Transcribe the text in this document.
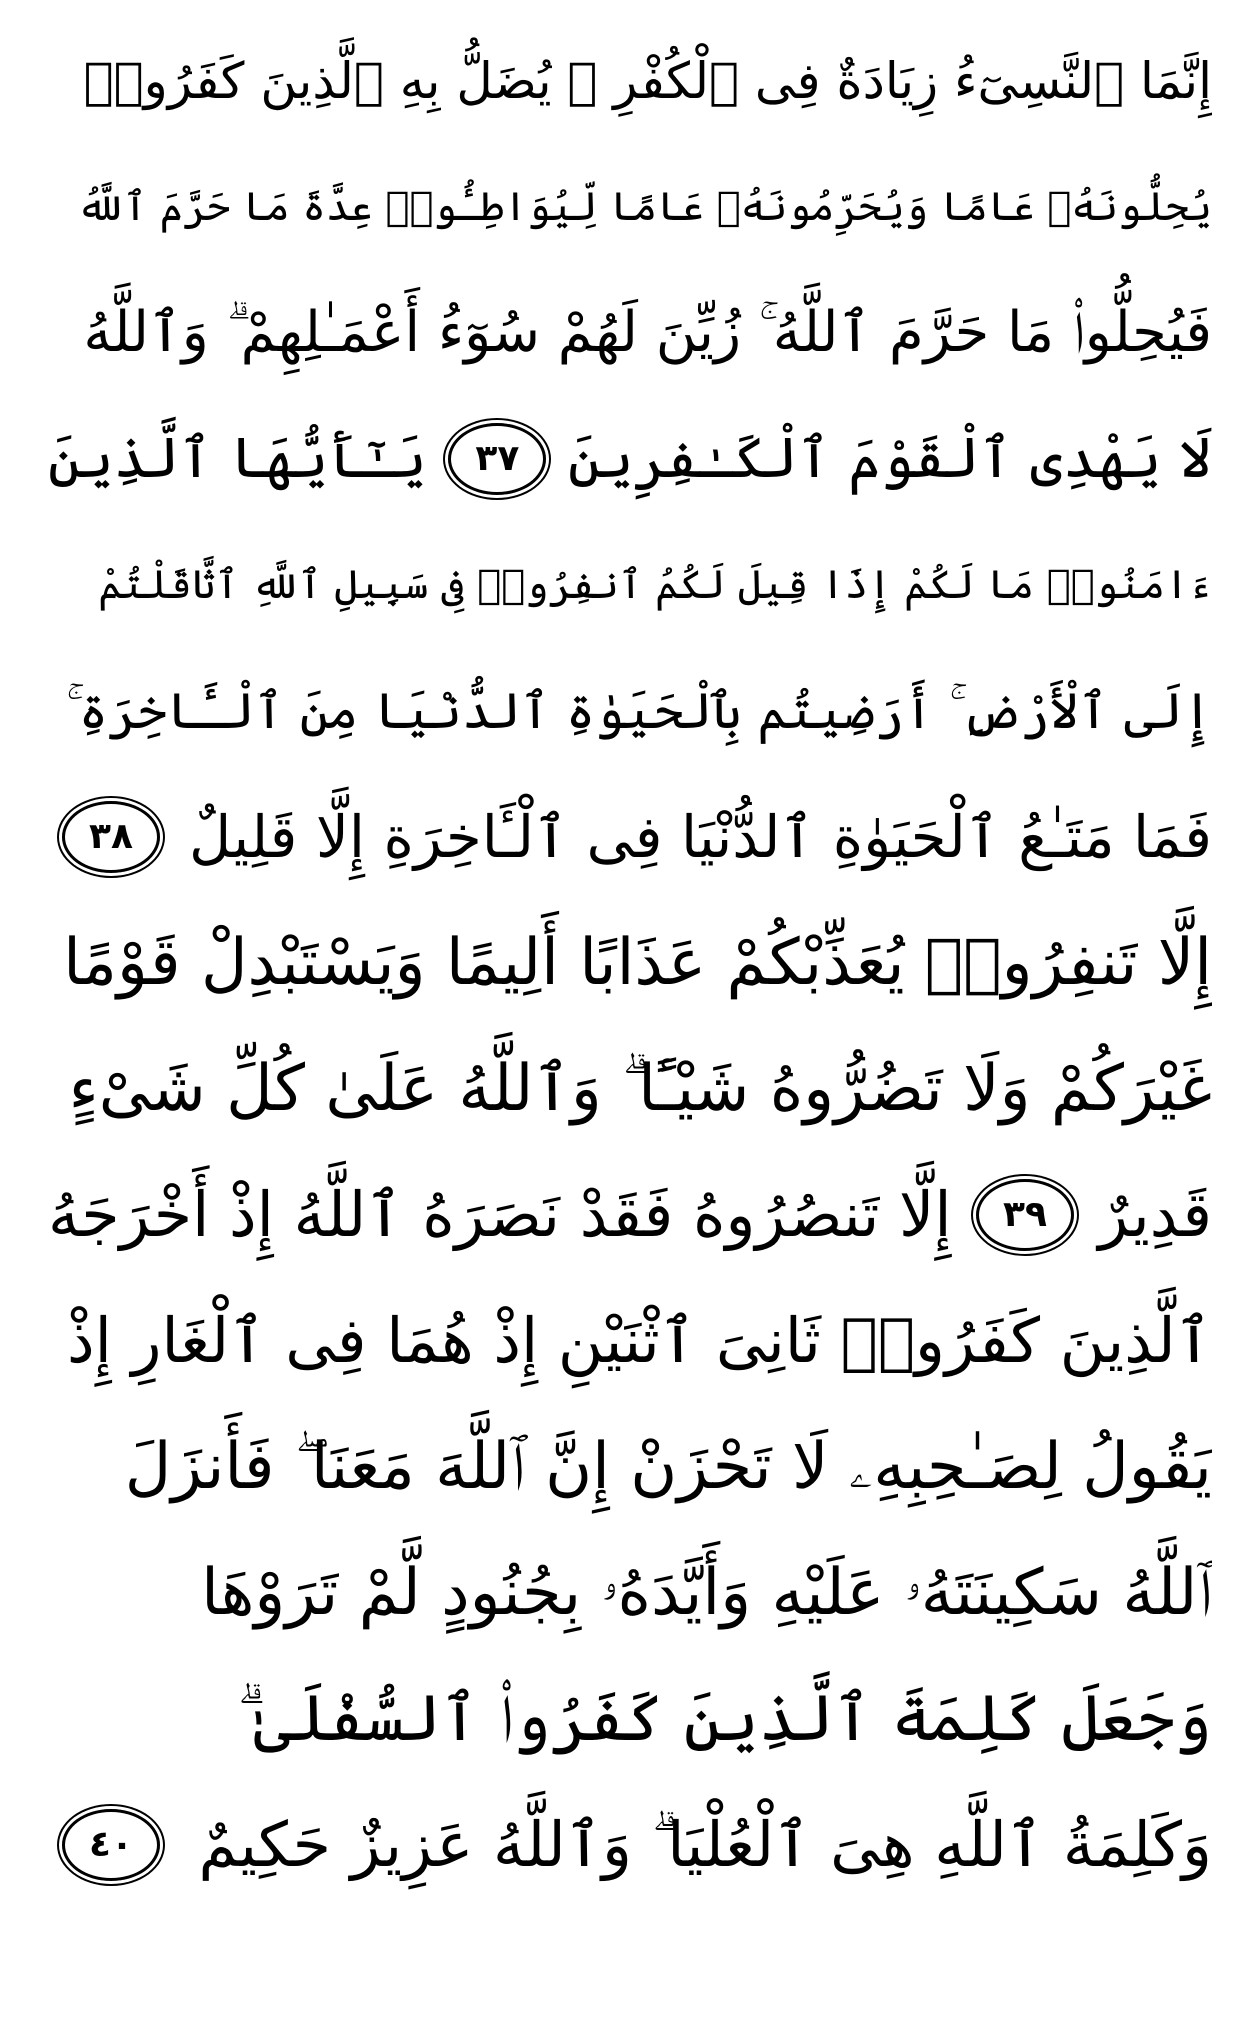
إِنَّمَا ٱلنَّسِىٓءُ زِيَادَةٌ فِى ٱلْكُفْرِ ۖ يُضَلُّ بِهِ ٱلَّذِينَ كَفَرُوا۟
يُحِلُّونَهُۥ عَامًا وَيُحَرِّمُونَهُۥ عَامًا لِّيُوَاطِـُٔوا۟ عِدَّةَ مَا حَرَّمَ ٱللَّهُ
فَيُحِلُّوا۟ مَا حَرَّمَ ٱللَّهُ ۚ زُيِّنَ لَهُمْ سُوٓءُ أَعْمَـٰلِهِمْ ۗ وَٱللَّهُ
لَا يَهْدِى ٱلْقَوْمَ ٱلْكَـٰفِرِينَ
٣٧
يَـٰٓأَيُّهَا ٱلَّذِينَ
ءَامَنُوا۟ مَا لَكُمْ إِذَا قِيلَ لَكُمُ ٱنفِرُوا۟ فِى سَبِيلِ ٱللَّهِ ٱثَّاقَلْتُمْ
إِلَى ٱلْأَرْضِ ۚ أَرَضِيتُم بِٱلْحَيَوٰةِ ٱلدُّنْيَا مِنَ ٱلْـَٔاخِرَةِ ۚ
فَمَا مَتَـٰعُ ٱلْحَيَوٰةِ ٱلدُّنْيَا فِى ٱلْـَٔاخِرَةِ إِلَّا قَلِيلٌ
٣٨
إِلَّا تَنفِرُوا۟ يُعَذِّبْكُمْ عَذَابًا أَلِيمًا وَيَسْتَبْدِلْ قَوْمًا
غَيْرَكُمْ وَلَا تَضُرُّوهُ شَيْـًٔا ۗ وَٱللَّهُ عَلَىٰ كُلِّ شَىْءٍ
قَدِيرٌ
٣٩
إِلَّا تَنصُرُوهُ فَقَدْ نَصَرَهُ ٱللَّهُ إِذْ أَخْرَجَهُ
ٱلَّذِينَ كَفَرُوا۟ ثَانِىَ ٱثْنَيْنِ إِذْ هُمَا فِى ٱلْغَارِ إِذْ
يَقُولُ لِصَـٰحِبِهِۦ لَا تَحْزَنْ إِنَّ ٱللَّهَ مَعَنَا ۖ فَأَنزَلَ
ٱللَّهُ سَكِينَتَهُۥ عَلَيْهِ وَأَيَّدَهُۥ بِجُنُودٍ لَّمْ تَرَوْهَا
وَجَعَلَ كَلِمَةَ ٱلَّذِينَ كَفَرُوا۟ ٱلسُّفْلَىٰ ۗ
وَكَلِمَةُ ٱللَّهِ هِىَ ٱلْعُلْيَا ۗ وَٱللَّهُ عَزِيزٌ حَكِيمٌ
٤٠
